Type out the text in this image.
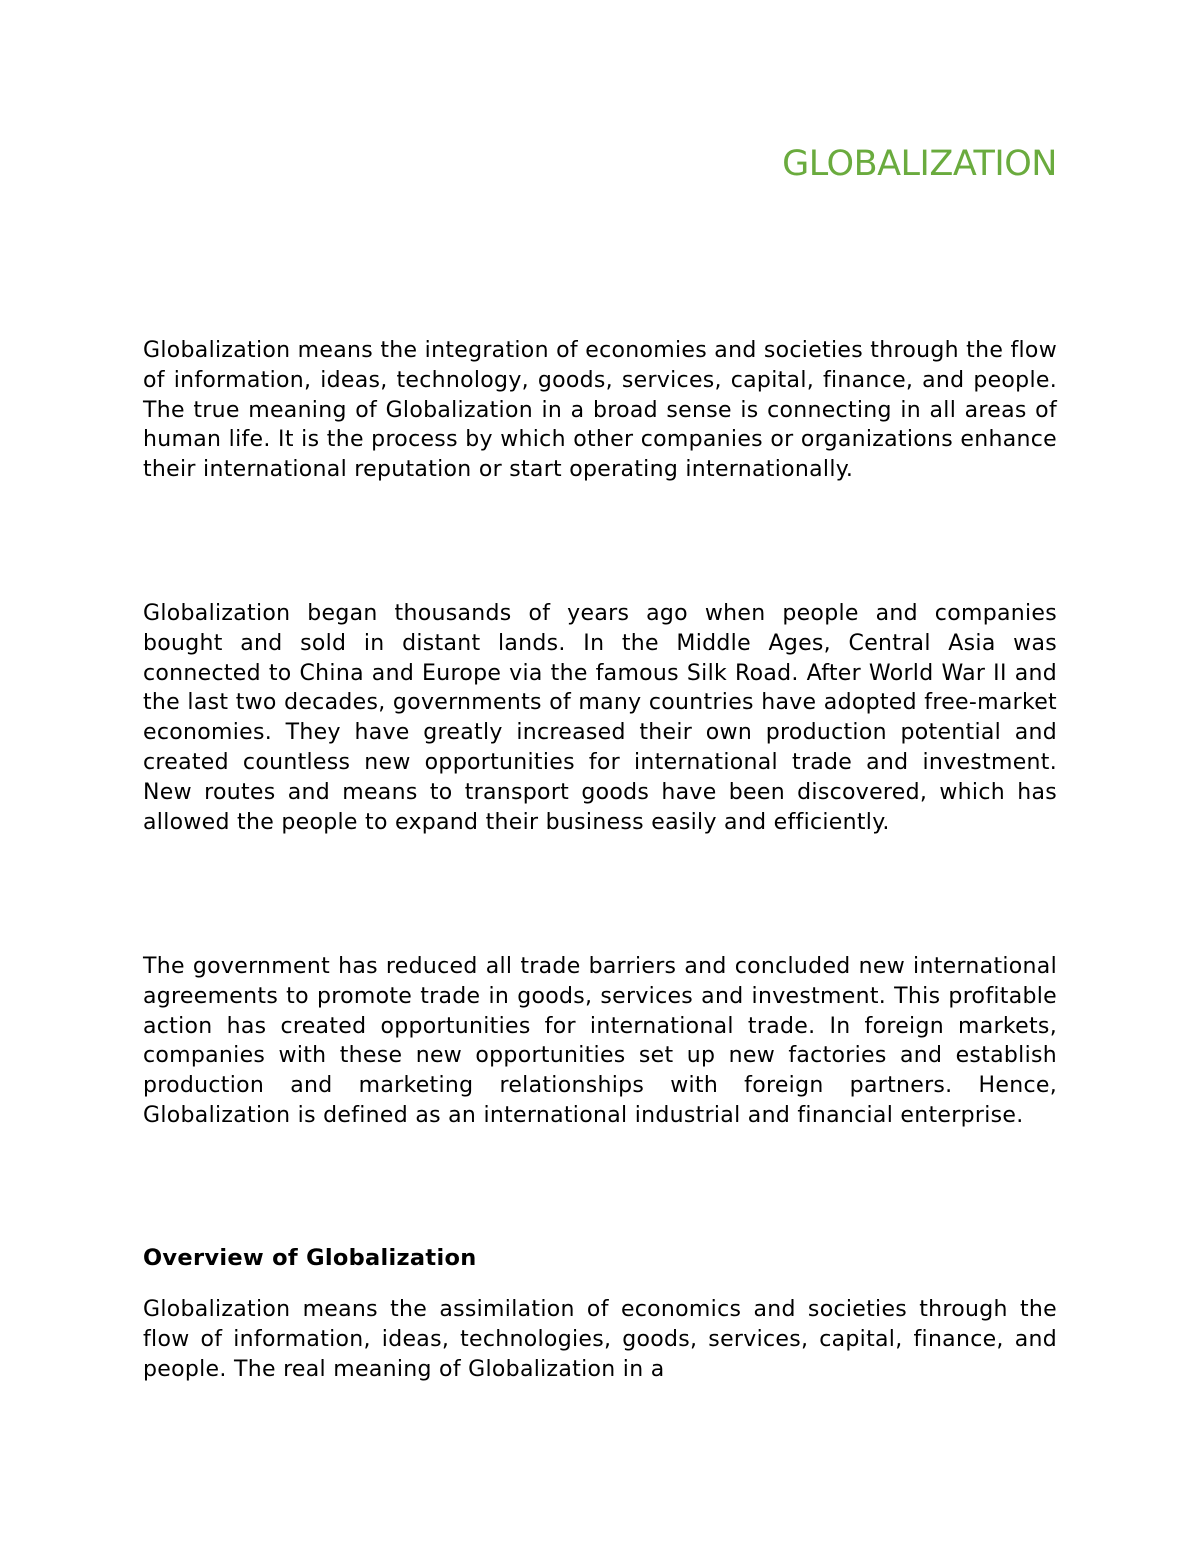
GLOBALIZATION

Globalization means the integration of economies and societies through the flow of information, ideas, technology, goods, services, capital, finance, and people. The true meaning of Globalization in a broad sense is connecting in all areas of human life. It is the process by which other companies or organizations enhance their international reputation or start operating internationally.

Globalization began thousands of years ago when people and companies bought and sold in distant lands. In the Middle Ages, Central Asia was connected to China and Europe via the famous Silk Road. After World War II and the last two decades, governments of many countries have adopted free-market economies. They have greatly increased their own production potential and created countless new opportunities for international trade and investment. New routes and means to transport goods have been discovered, which has allowed the people to expand their business easily and efficiently.

The government has reduced all trade barriers and concluded new international agreements to promote trade in goods, services and investment. This profitable action has created opportunities for international trade. In foreign markets, companies with these new opportunities set up new factories and establish production and marketing relationships with foreign partners. Hence, Globalization is defined as an international industrial and financial enterprise.

Overview of Globalization

Globalization means the assimilation of economics and societies through the flow of information, ideas, technologies, goods, services, capital, finance, and people. The real meaning of Globalization in a
